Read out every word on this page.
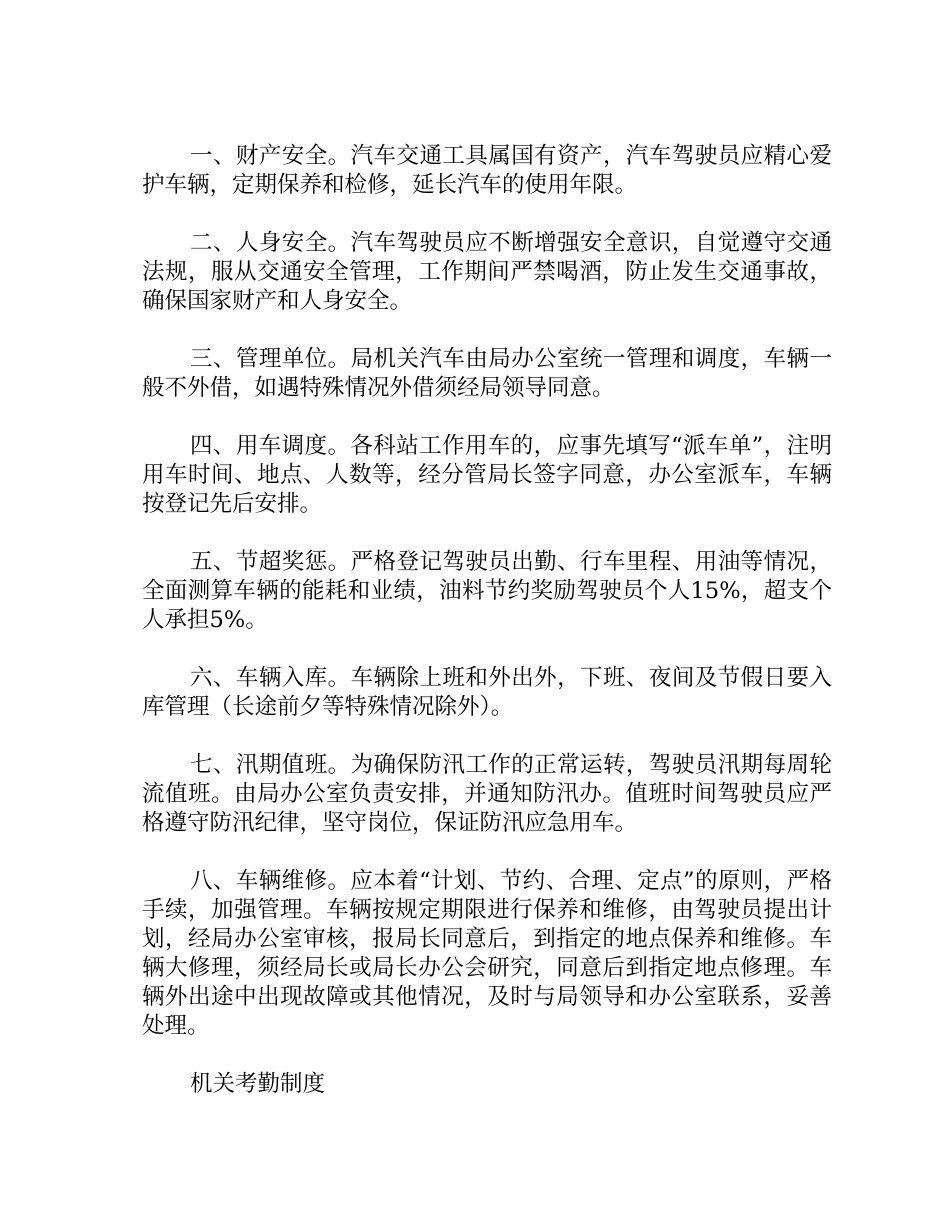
一、财产安全。汽车交通工具属国有资产，汽车驾驶员应精心爱护车辆，定期保养和检修，延长汽车的使用年限。

二、人身安全。汽车驾驶员应不断增强安全意识，自觉遵守交通法规，服从交通安全管理，工作期间严禁喝酒，防止发生交通事故，确保国家财产和人身安全。

三、管理单位。局机关汽车由局办公室统一管理和调度，车辆一般不外借，如遇特殊情况外借须经局领导同意。

四、用车调度。各科站工作用车的，应事先填写“派车单”，注明用车时间、地点、人数等，经分管局长签字同意，办公室派车，车辆按登记先后安排。

五、节超奖惩。严格登记驾驶员出勤、行车里程、用油等情况，全面测算车辆的能耗和业绩，油料节约奖励驾驶员个人15%，超支个人承担5%。

六、车辆入库。车辆除上班和外出外，下班、夜间及节假日要入库管理（长途前夕等特殊情况除外）。

七、汛期值班。为确保防汛工作的正常运转，驾驶员汛期每周轮流值班。由局办公室负责安排，并通知防汛办。值班时间驾驶员应严格遵守防汛纪律，坚守岗位，保证防汛应急用车。

八、车辆维修。应本着“计划、节约、合理、定点”的原则，严格手续，加强管理。车辆按规定期限进行保养和维修，由驾驶员提出计划，经局办公室审核，报局长同意后，到指定的地点保养和维修。车辆大修理，须经局长或局长办公会研究，同意后到指定地点修理。车辆外出途中出现故障或其他情况，及时与局领导和办公室联系，妥善处理。

机关考勤制度
